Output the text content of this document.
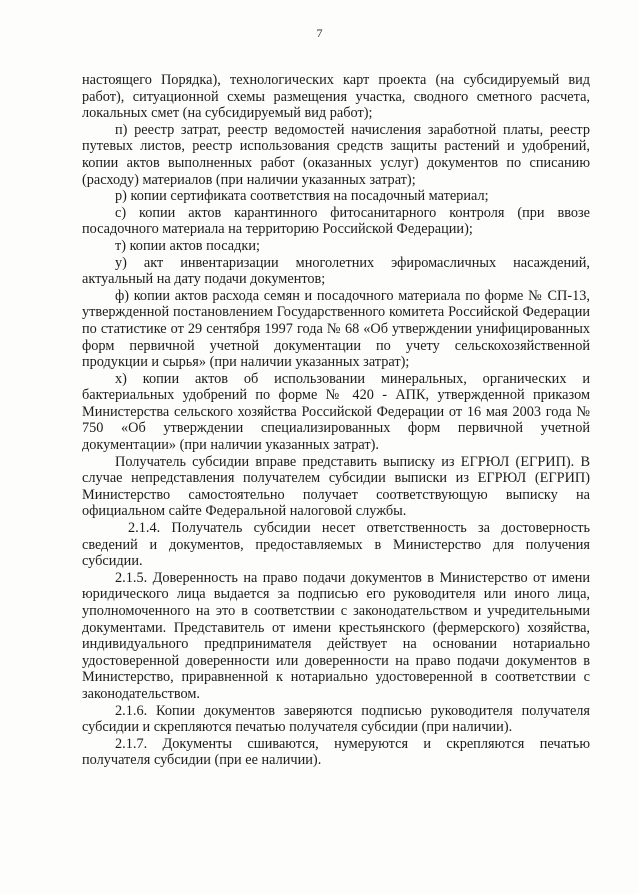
7

настоящего Порядка), технологических карт проекта (на субсидируемый вид работ), ситуационной схемы размещения участка, сводного сметного расчета, локальных смет (на субсидируемый вид работ);

п) реестр затрат, реестр ведомостей начисления заработной платы, реестр путевых листов, реестр использования средств защиты растений и удобрений, копии актов выполненных работ (оказанных услуг) документов по списанию (расходу) материалов (при наличии указанных затрат);

р) копии сертификата соответствия на посадочный материал;

с) копии актов карантинного фитосанитарного контроля (при ввозе посадочного материала на территорию Российской Федерации);

т) копии актов посадки;

у) акт инвентаризации многолетних эфиромасличных насаждений, актуальный на дату подачи документов;

ф) копии актов расхода семян и посадочного материала по форме № СП-13, утвержденной постановлением Государственного комитета Российской Федерации по статистике от 29 сентября 1997 года № 68 «Об утверждении унифицированных форм первичной учетной документации по учету сельскохозяйственной продукции и сырья» (при наличии указанных затрат);

х) копии актов об использовании минеральных, органических и бактериальных удобрений по форме № 420 - АПК, утвержденной приказом Министерства сельского хозяйства Российской Федерации от 16 мая 2003 года № 750 «Об утверждении специализированных форм первичной учетной документации» (при наличии указанных затрат).

Получатель субсидии вправе представить выписку из ЕГРЮЛ (ЕГРИП). В случае непредставления получателем субсидии выписки из ЕГРЮЛ (ЕГРИП) Министерство самостоятельно получает соответствующую выписку на официальном сайте Федеральной налоговой службы.

2.1.4. Получатель субсидии несет ответственность за достоверность сведений и документов, предоставляемых в Министерство для получения субсидии.

2.1.5. Доверенность на право подачи документов в Министерство от имени юридического лица выдается за подписью его руководителя или иного лица, уполномоченного на это в соответствии с законодательством и учредительными документами. Представитель от имени крестьянского (фермерского) хозяйства, индивидуального предпринимателя действует на основании нотариально удостоверенной доверенности или доверенности на право подачи документов в Министерство, приравненной к нотариально удостоверенной в соответствии с законодательством.

2.1.6. Копии документов заверяются подписью руководителя получателя субсидии и скрепляются печатью получателя субсидии (при наличии).

2.1.7. Документы сшиваются, нумеруются и скрепляются печатью получателя субсидии (при ее наличии).
